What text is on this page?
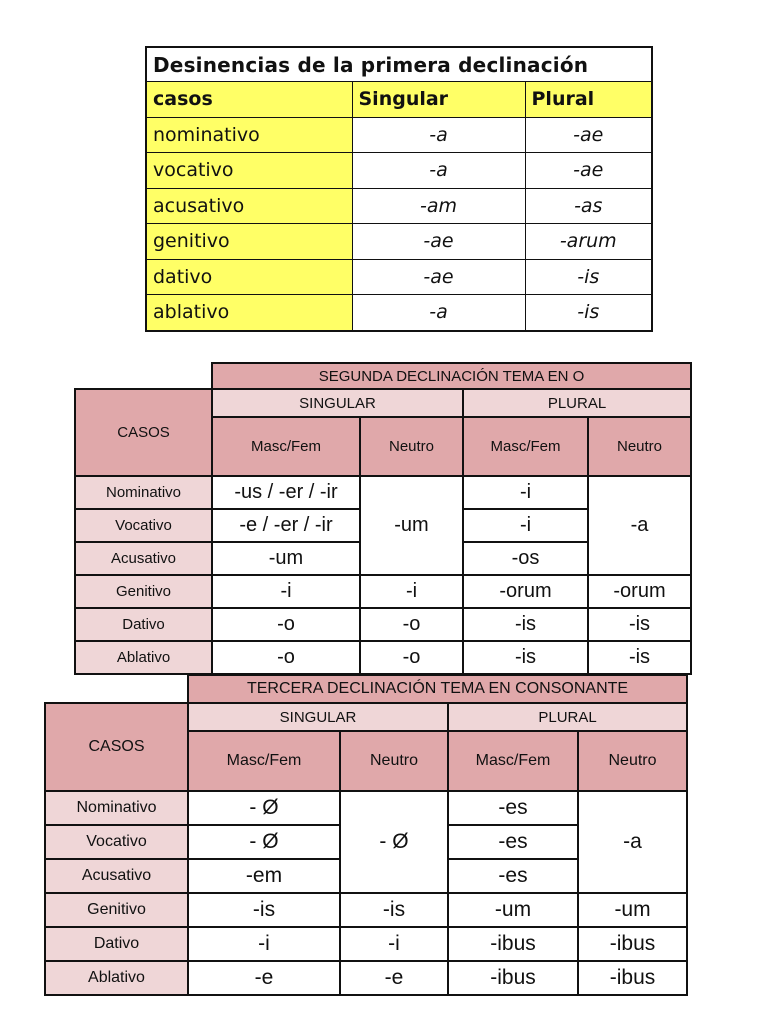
Desinencias de la primera declinación		
casos	Singular	Plural
nominativo	-a	-ae
vocativo	-a	-ae
acusativo	-am	-as
genitivo	-ae	-arum
dativo	-ae	-is
ablativo	-a	-is
	SEGUNDA DECLINACIÓN TEMA EN O			
CASOS	SINGULAR		PLURAL	
	Masc/Fem	Neutro	Masc/Fem	Neutro
Nominativo	-us / -er / -ir	-um	-i	-a
Vocativo	-e / -er / -ir		-i	
Acusativo	-um		-os	
Genitivo	-i	-i	-orum	-orum
Dativo	-o	-o	-is	-is
Ablativo	-o	-o	-is	-is
	TERCERA DECLINACIÓN TEMA EN CONSONANTE			
CASOS	SINGULAR		PLURAL	
	Masc/Fem	Neutro	Masc/Fem	Neutro
Nominativo	- Ø	- Ø	-es	-a
Vocativo	- Ø		-es	
Acusativo	-em		-es	
Genitivo	-is	-is	-um	-um
Dativo	-i	-i	-ibus	-ibus
Ablativo	-e	-e	-ibus	-ibus
